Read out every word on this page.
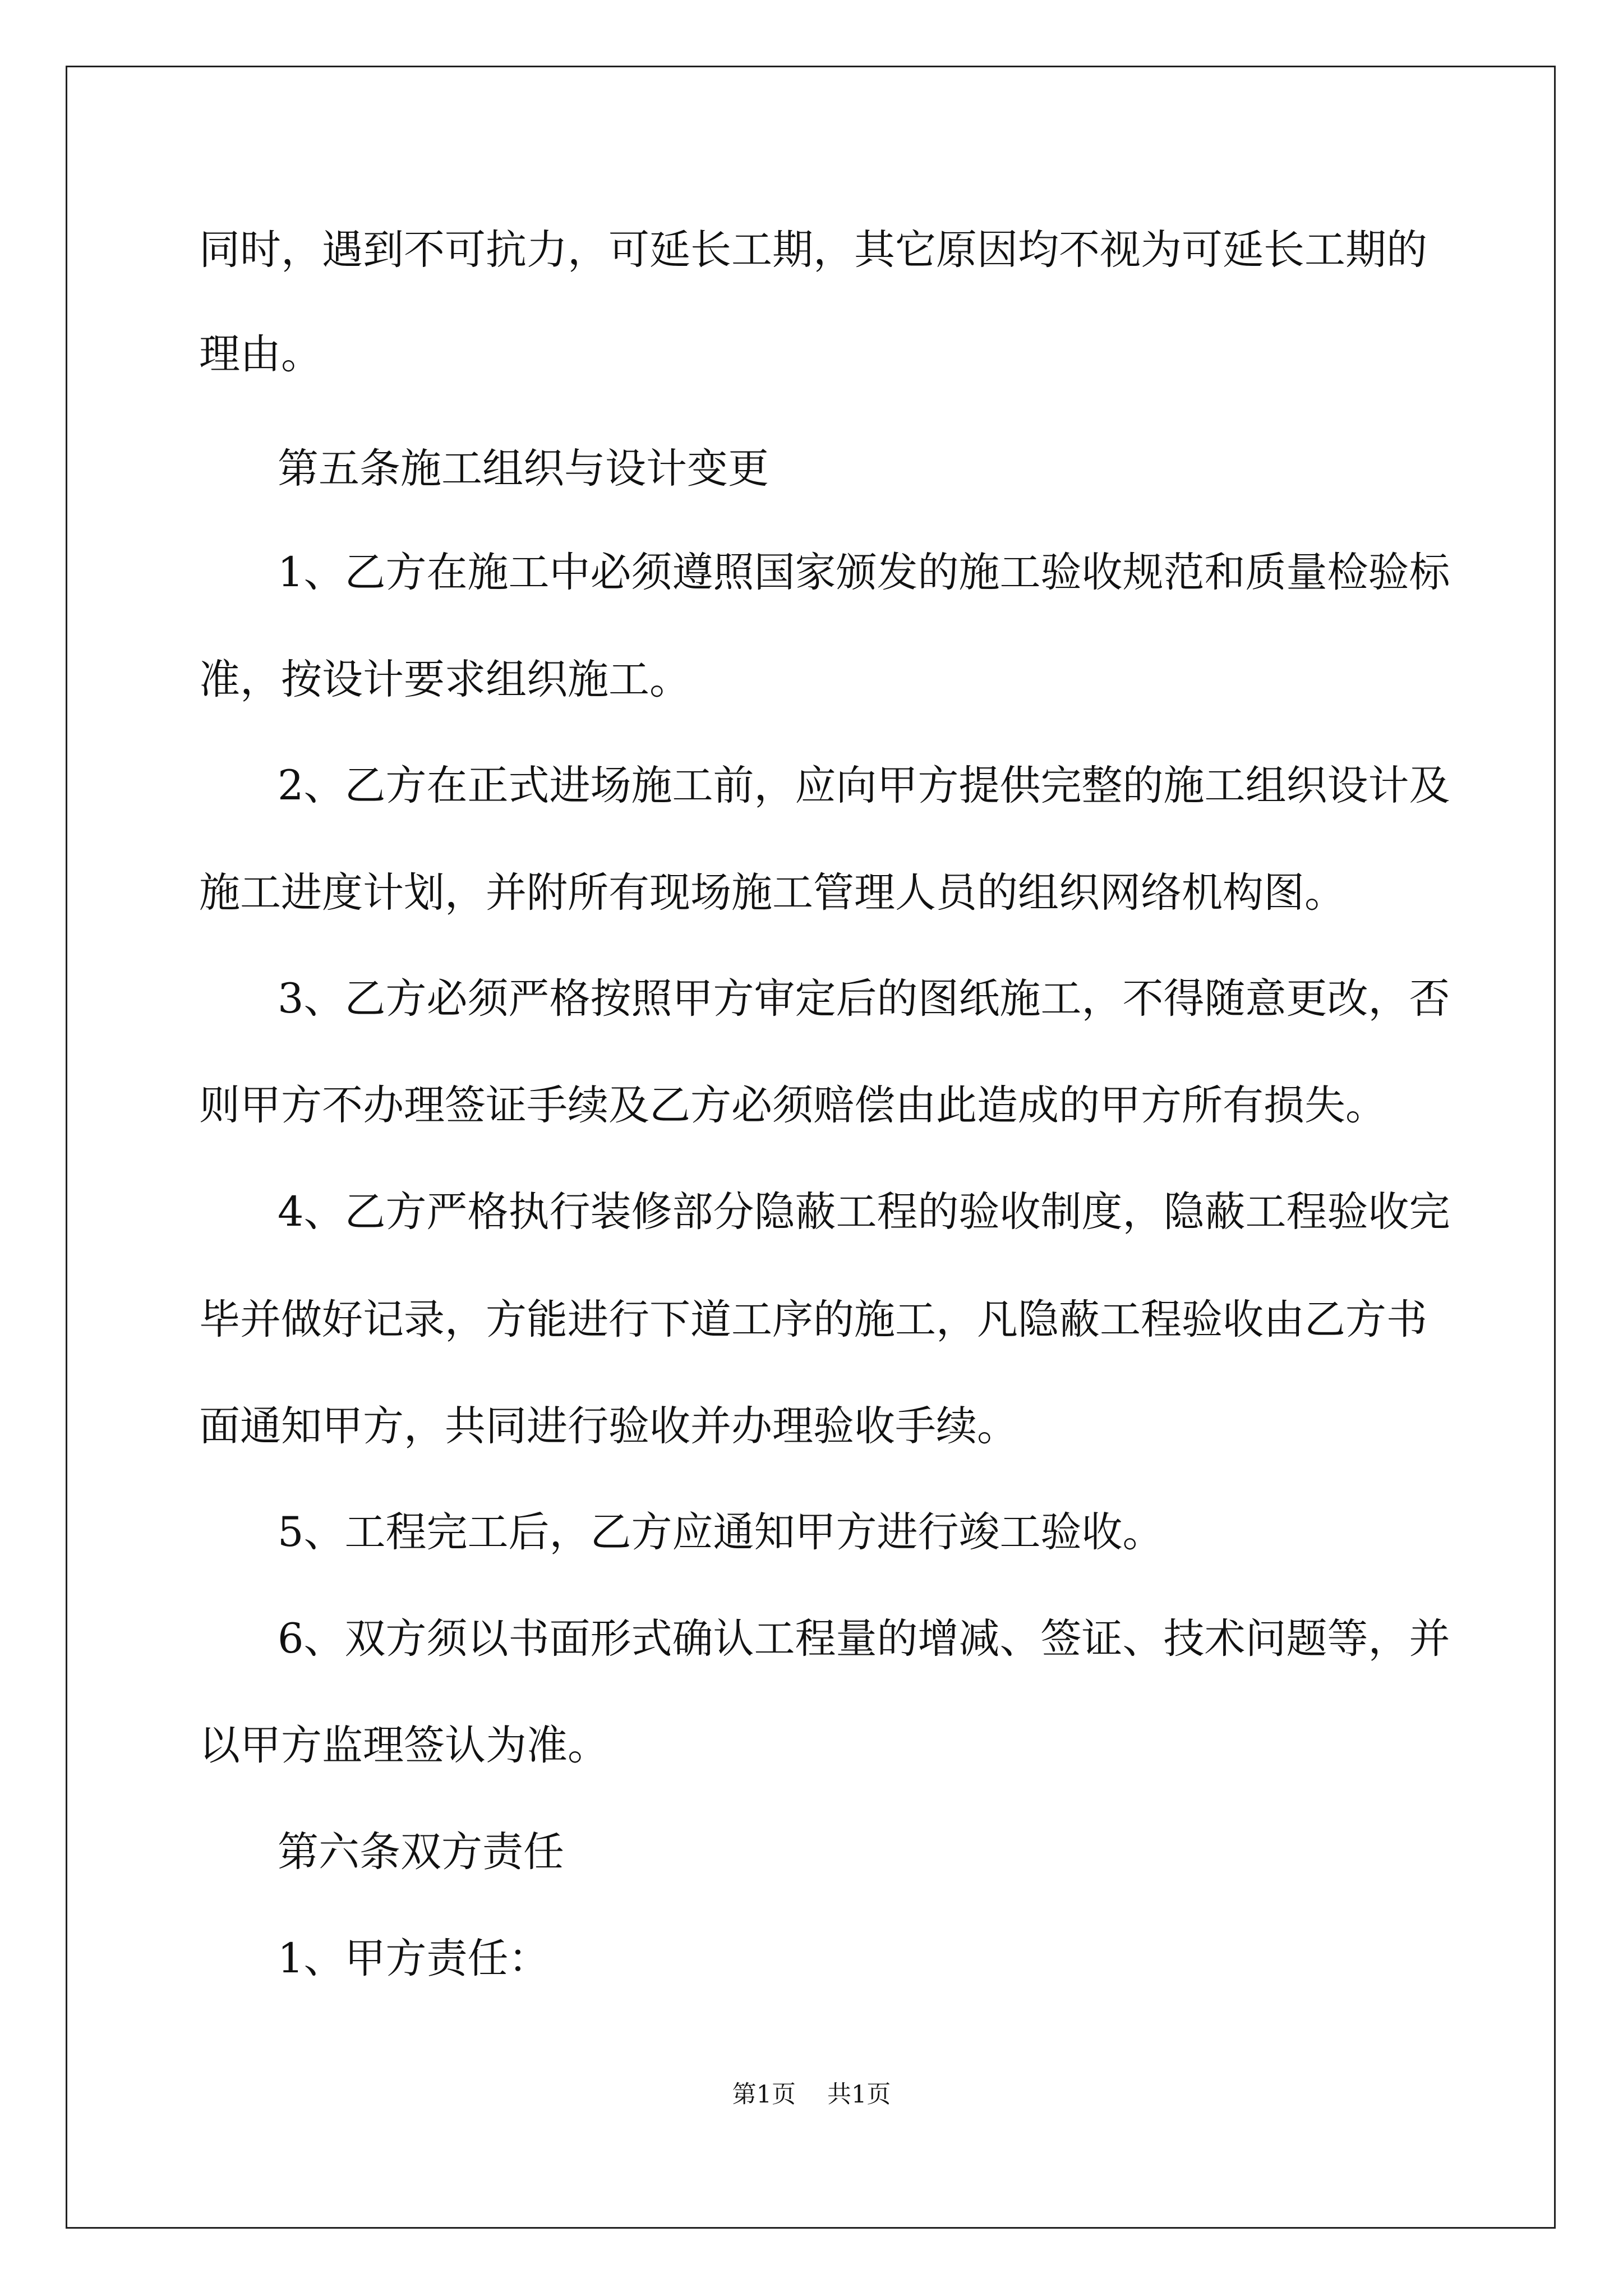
同时，遇到不可抗力，可延长工期，其它原因均不视为可延长工期的
理由。
第五条施工组织与设计变更
1、乙方在施工中必须遵照国家颁发的施工验收规范和质量检验标
准，按设计要求组织施工。
2、乙方在正式进场施工前，应向甲方提供完整的施工组织设计及
施工进度计划，并附所有现场施工管理人员的组织网络机构图。
3、乙方必须严格按照甲方审定后的图纸施工，不得随意更改，否
则甲方不办理签证手续及乙方必须赔偿由此造成的甲方所有损失。
4、乙方严格执行装修部分隐蔽工程的验收制度，隐蔽工程验收完
毕并做好记录，方能进行下道工序的施工，凡隐蔽工程验收由乙方书
面通知甲方，共同进行验收并办理验收手续。
5、工程完工后，乙方应通知甲方进行竣工验收。
6、双方须以书面形式确认工程量的增减、签证、技术问题等，并
以甲方监理签认为准。
第六条双方责任
1、甲方责任：
第1页 共1页
